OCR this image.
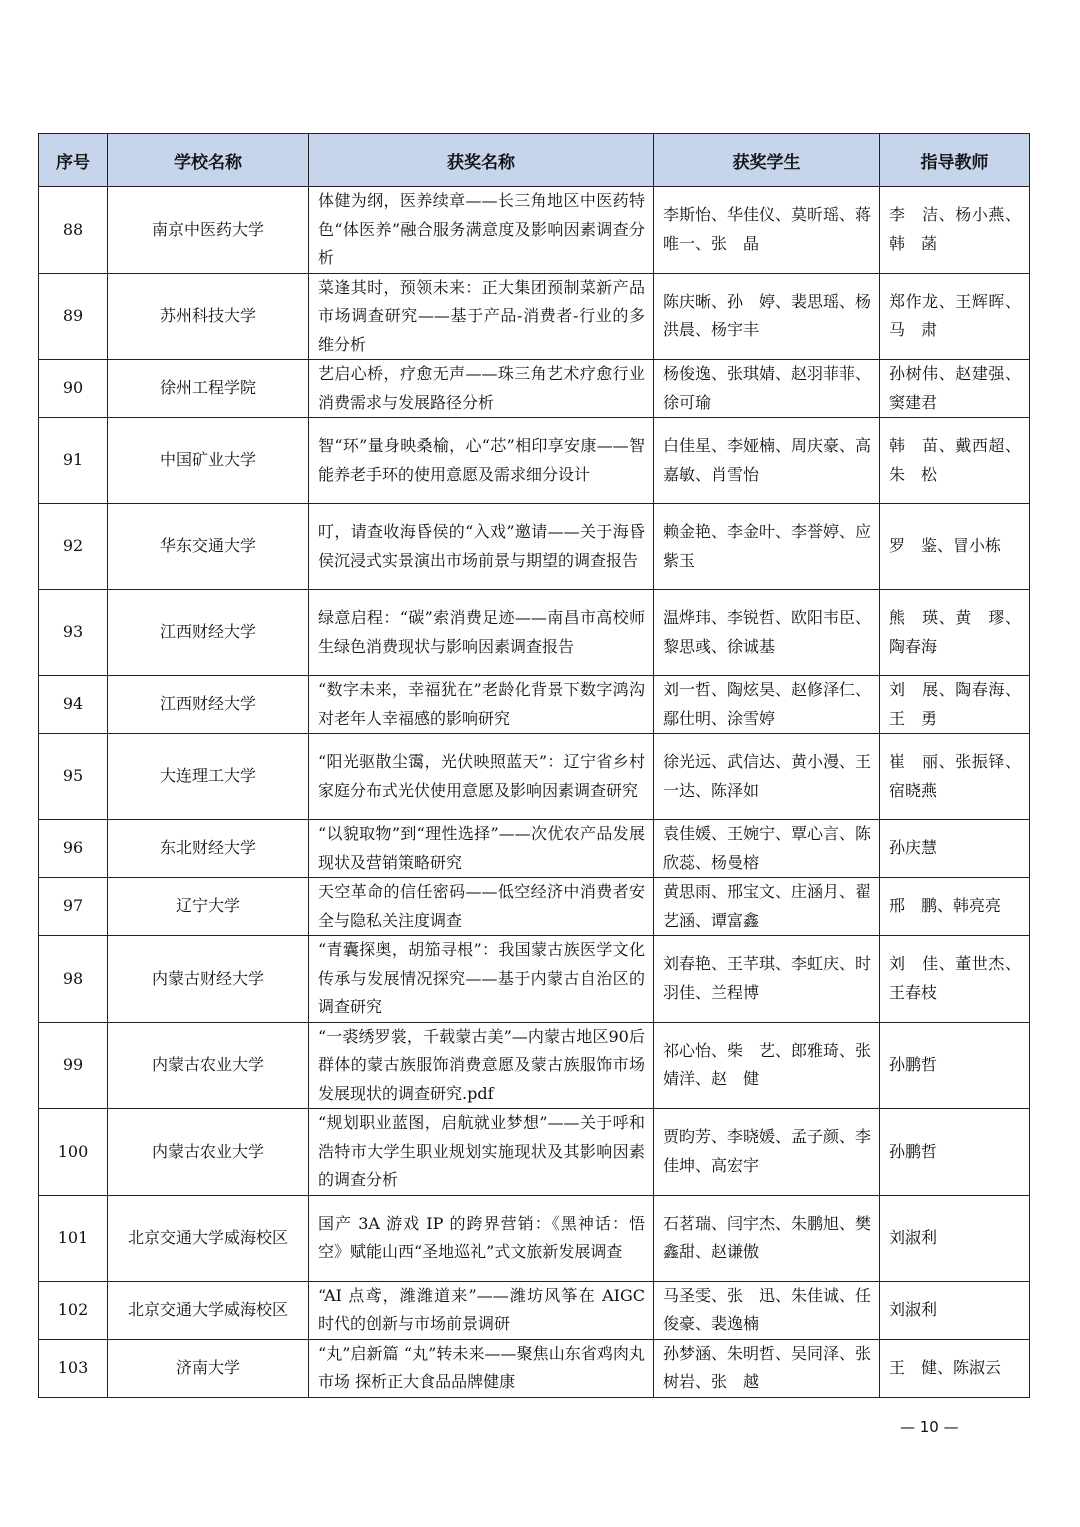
序号	学校名称	获奖名称	获奖学生	指导教师
88	南京中医药大学	体健为纲，医养续章——长三角地区中医药特色“体医养”融合服务满意度及影响因素调查分析	李斯怡、华佳仪、莫昕瑶、蒋唯一、张　晶	李　洁、杨小燕、韩　菡
89	苏州科技大学	菜逢其时，预领未来：正大集团预制菜新产品市场调查研究——基于产品-消费者-行业的多维分析	陈庆晰、孙　婷、裴思瑶、杨洪晨、杨宇丰	郑作龙、王辉晖、马　肃
90	徐州工程学院	艺启心桥，疗愈无声——珠三角艺术疗愈行业消费需求与发展路径分析	杨俊逸、张琪婧、赵羽菲菲、徐可瑜	孙树伟、赵建强、窦建君
91	中国矿业大学	智“环”量身映桑榆，心“芯”相印享安康——智能养老手环的使用意愿及需求细分设计	白佳星、李娅楠、周庆豪、高嘉敏、肖雪怡	韩　苗、戴西超、朱　松
92	华东交通大学	叮，请查收海昏侯的“入戏”邀请——关于海昏侯沉浸式实景演出市场前景与期望的调查报告	赖金艳、李金叶、李誉婷、应紫玉	罗　鉴、冒小栋
93	江西财经大学	绿意启程：“碳”索消费足迹——南昌市高校师生绿色消费现状与影响因素调查报告	温烨玮、李锐哲、欧阳韦臣、黎思彧、徐诚基	熊　瑛、黄　璆、陶春海
94	江西财经大学	“数字未来，幸福犹在”老龄化背景下数字鸿沟对老年人幸福感的影响研究	刘一哲、陶炫昊、赵修泽仁、鄢仕明、涂雪婷	刘　展、陶春海、王　勇
95	大连理工大学	“阳光驱散尘霭，光伏映照蓝天”：辽宁省乡村家庭分布式光伏使用意愿及影响因素调查研究	徐光远、武信达、黄小漫、王一达、陈泽如	崔　丽、张振铎、宿晓燕
96	东北财经大学	“以貌取物”到“理性选择”——次优农产品发展现状及营销策略研究	袁佳媛、王婉宁、覃心言、陈欣蕊、杨曼榕	孙庆慧
97	辽宁大学	天空革命的信任密码——低空经济中消费者安全与隐私关注度调查	黄思雨、邢宝文、庄涵月、翟艺涵、谭富鑫	邢　鹏、韩亮亮
98	内蒙古财经大学	“青囊探奥，胡笳寻根”：我国蒙古族医学文化传承与发展情况探究——基于内蒙古自治区的调查研究	刘春艳、王芊琪、李虹庆、时羽佳、兰程博	刘　佳、董世杰、王春枝
99	内蒙古农业大学	“一裘绣罗裳，千载蒙古美”—内蒙古地区90后群体的蒙古族服饰消费意愿及蒙古族服饰市场发展现状的调查研究.pdf	祁心怡、柴　艺、郎雅琦、张婧洋、赵　健	孙鹏哲
100	内蒙古农业大学	“规划职业蓝图，启航就业梦想”——关于呼和浩特市大学生职业规划实施现状及其影响因素的调查分析	贾昀芳、李晓媛、孟子颜、李佳坤、高宏宇	孙鹏哲
101	北京交通大学威海校区	国产 3A 游戏 IP 的跨界营销：《黑神话：悟空》赋能山西“圣地巡礼”式文旅新发展调查	石茗瑞、闫宇杰、朱鹏旭、樊鑫甜、赵谦傲	刘淑利
102	北京交通大学威海校区	“AI 点鸢，潍潍道来”——潍坊风筝在 AIGC 时代的创新与市场前景调研	马圣雯、张　迅、朱佳诚、任俊豪、裴逸楠	刘淑利
103	济南大学	“丸”启新篇 “丸”转未来——聚焦山东省鸡肉丸市场 探析正大食品品牌健康	孙梦涵、朱明哲、吴同泽、张树岩、张　越	王　健、陈淑云
— 10 —
